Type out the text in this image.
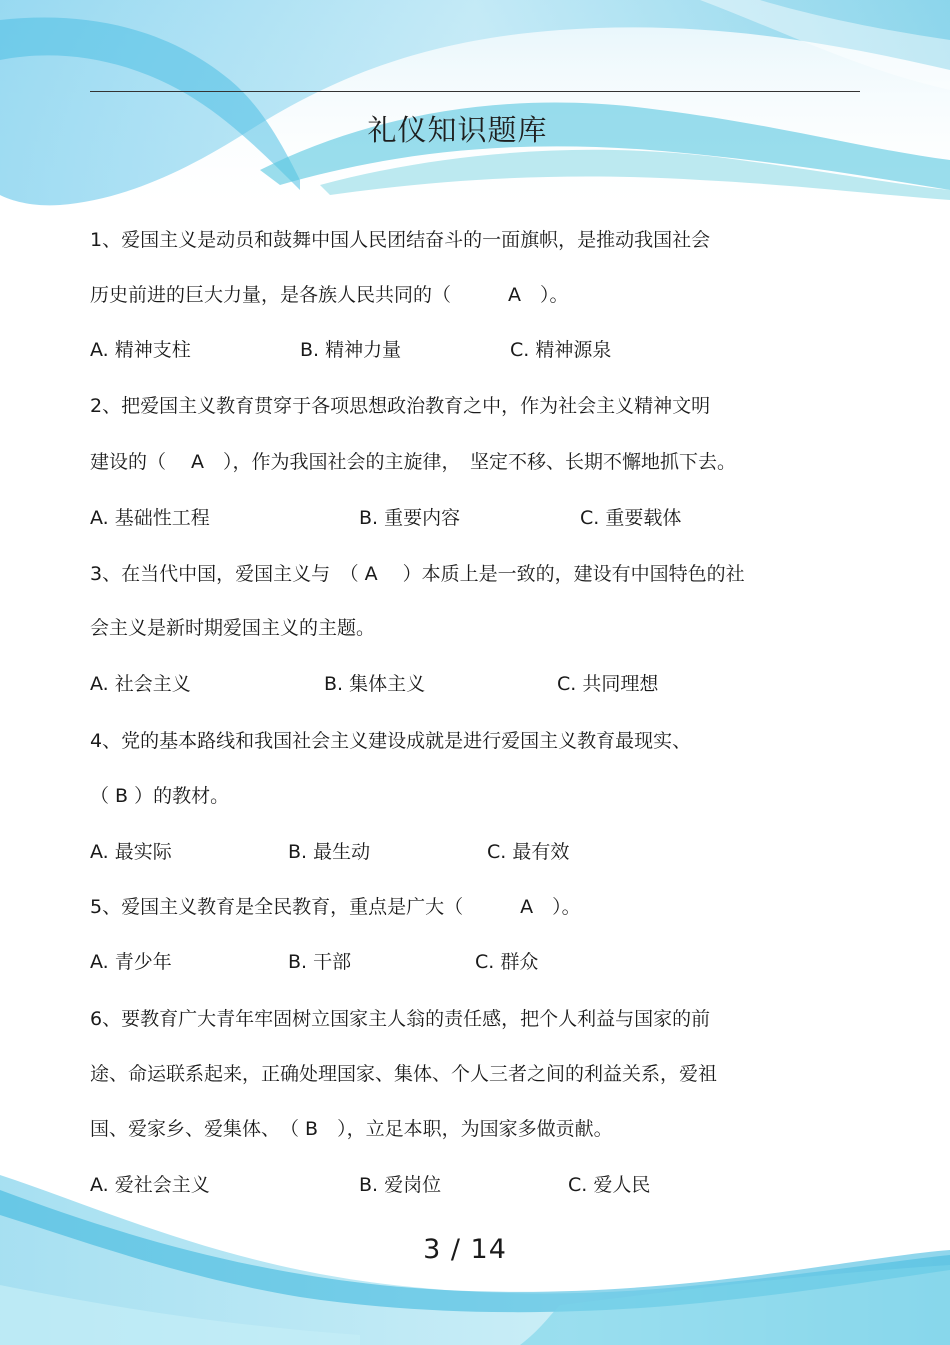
礼仪知识题库
1、爱国主义是动员和鼓舞中国人民团结奋斗的一面旗帜，是推动我国社会
历史前进的巨大力量，是各族人民共同的（　　　A　）。
A. 精神支柱	B. 精神力量	C. 精神源泉
2、把爱国主义教育贯穿于各项思想政治教育之中，作为社会主义精神文明
建设的（　 A　），作为我国社会的主旋律，　坚定不移、长期不懈地抓下去。
A. 基础性工程	B. 重要内容	C. 重要载体
3、在当代中国，爱国主义与　（ A　 ）本质上是一致的，建设有中国特色的社
会主义是新时期爱国主义的主题。
A. 社会主义	B. 集体主义	C. 共同理想
4、党的基本路线和我国社会主义建设成就是进行爱国主义教育最现实、
（ B ）的教材。
A. 最实际	B. 最生动	C. 最有效
5、爱国主义教育是全民教育，重点是广大（　　　A　）。
A. 青少年	B. 干部	C. 群众
6、要教育广大青年牢固树立国家主人翁的责任感，把个人利益与国家的前
途、命运联系起来，正确处理国家、集体、个人三者之间的利益关系，爱祖
国、爱家乡、爱集体、　（ B　），立足本职，为国家多做贡献。
A. 爱社会主义	B. 爱岗位	C. 爱人民
3 / 14
